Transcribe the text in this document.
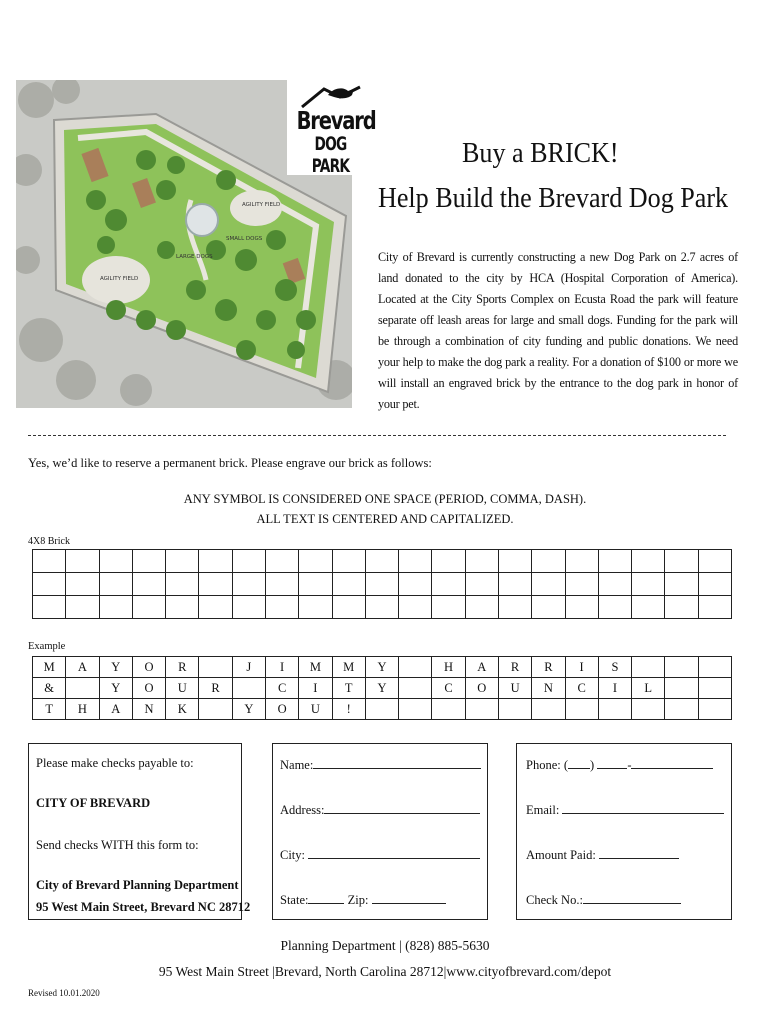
AGILITY FIELD
LARGE DOGS
SMALL DOGS
AGILITY FIELD
Brevard
DOG PARK	Buy a BRICK!
Help Build the Brevard Dog Park
City of Brevard is currently constructing a new Dog Park on 2.7 acres of land donated to the city by HCA (Hospital Corporation of America). Located at the City Sports Complex on Ecusta Road the park will feature separate off leash areas for large and small dogs. Funding for the park will be through a combination of city funding and public donations. We need your help to make the dog park a reality. For a donation of $100 or more we will install an engraved brick by the entrance to the dog park in honor of your pet.
Yes, we’d like to reserve a permanent brick. Please engrave our brick as follows:
ANY SYMBOL IS CONSIDERED ONE SPACE (PERIOD, COMMA, DASH).
ALL TEXT IS CENTERED AND CAPITALIZED.
4X8 Brick

Example
M	A	Y	O	R		J	I	M	M	Y		H	A	R	R	I	S			
&		Y	O	U	R		C	I	T	Y		C	O	U	N	C	I	L		
T	H	A	N	K		Y	O	U	!											
Please make checks payable to:
CITY OF BREVARD
Send checks WITH this form to:
City of Brevard Planning Department
95 West Main Street, Brevard NC 28712
Name:
Address:
City:
State:	Zip:
Phone: ( )	-
Email:
Amount Paid:
Check No.:
Planning Department | (828) 885-5630
95 West Main Street |Brevard, North Carolina 28712|www.cityofbrevard.com/depot
Revised 10.01.2020
